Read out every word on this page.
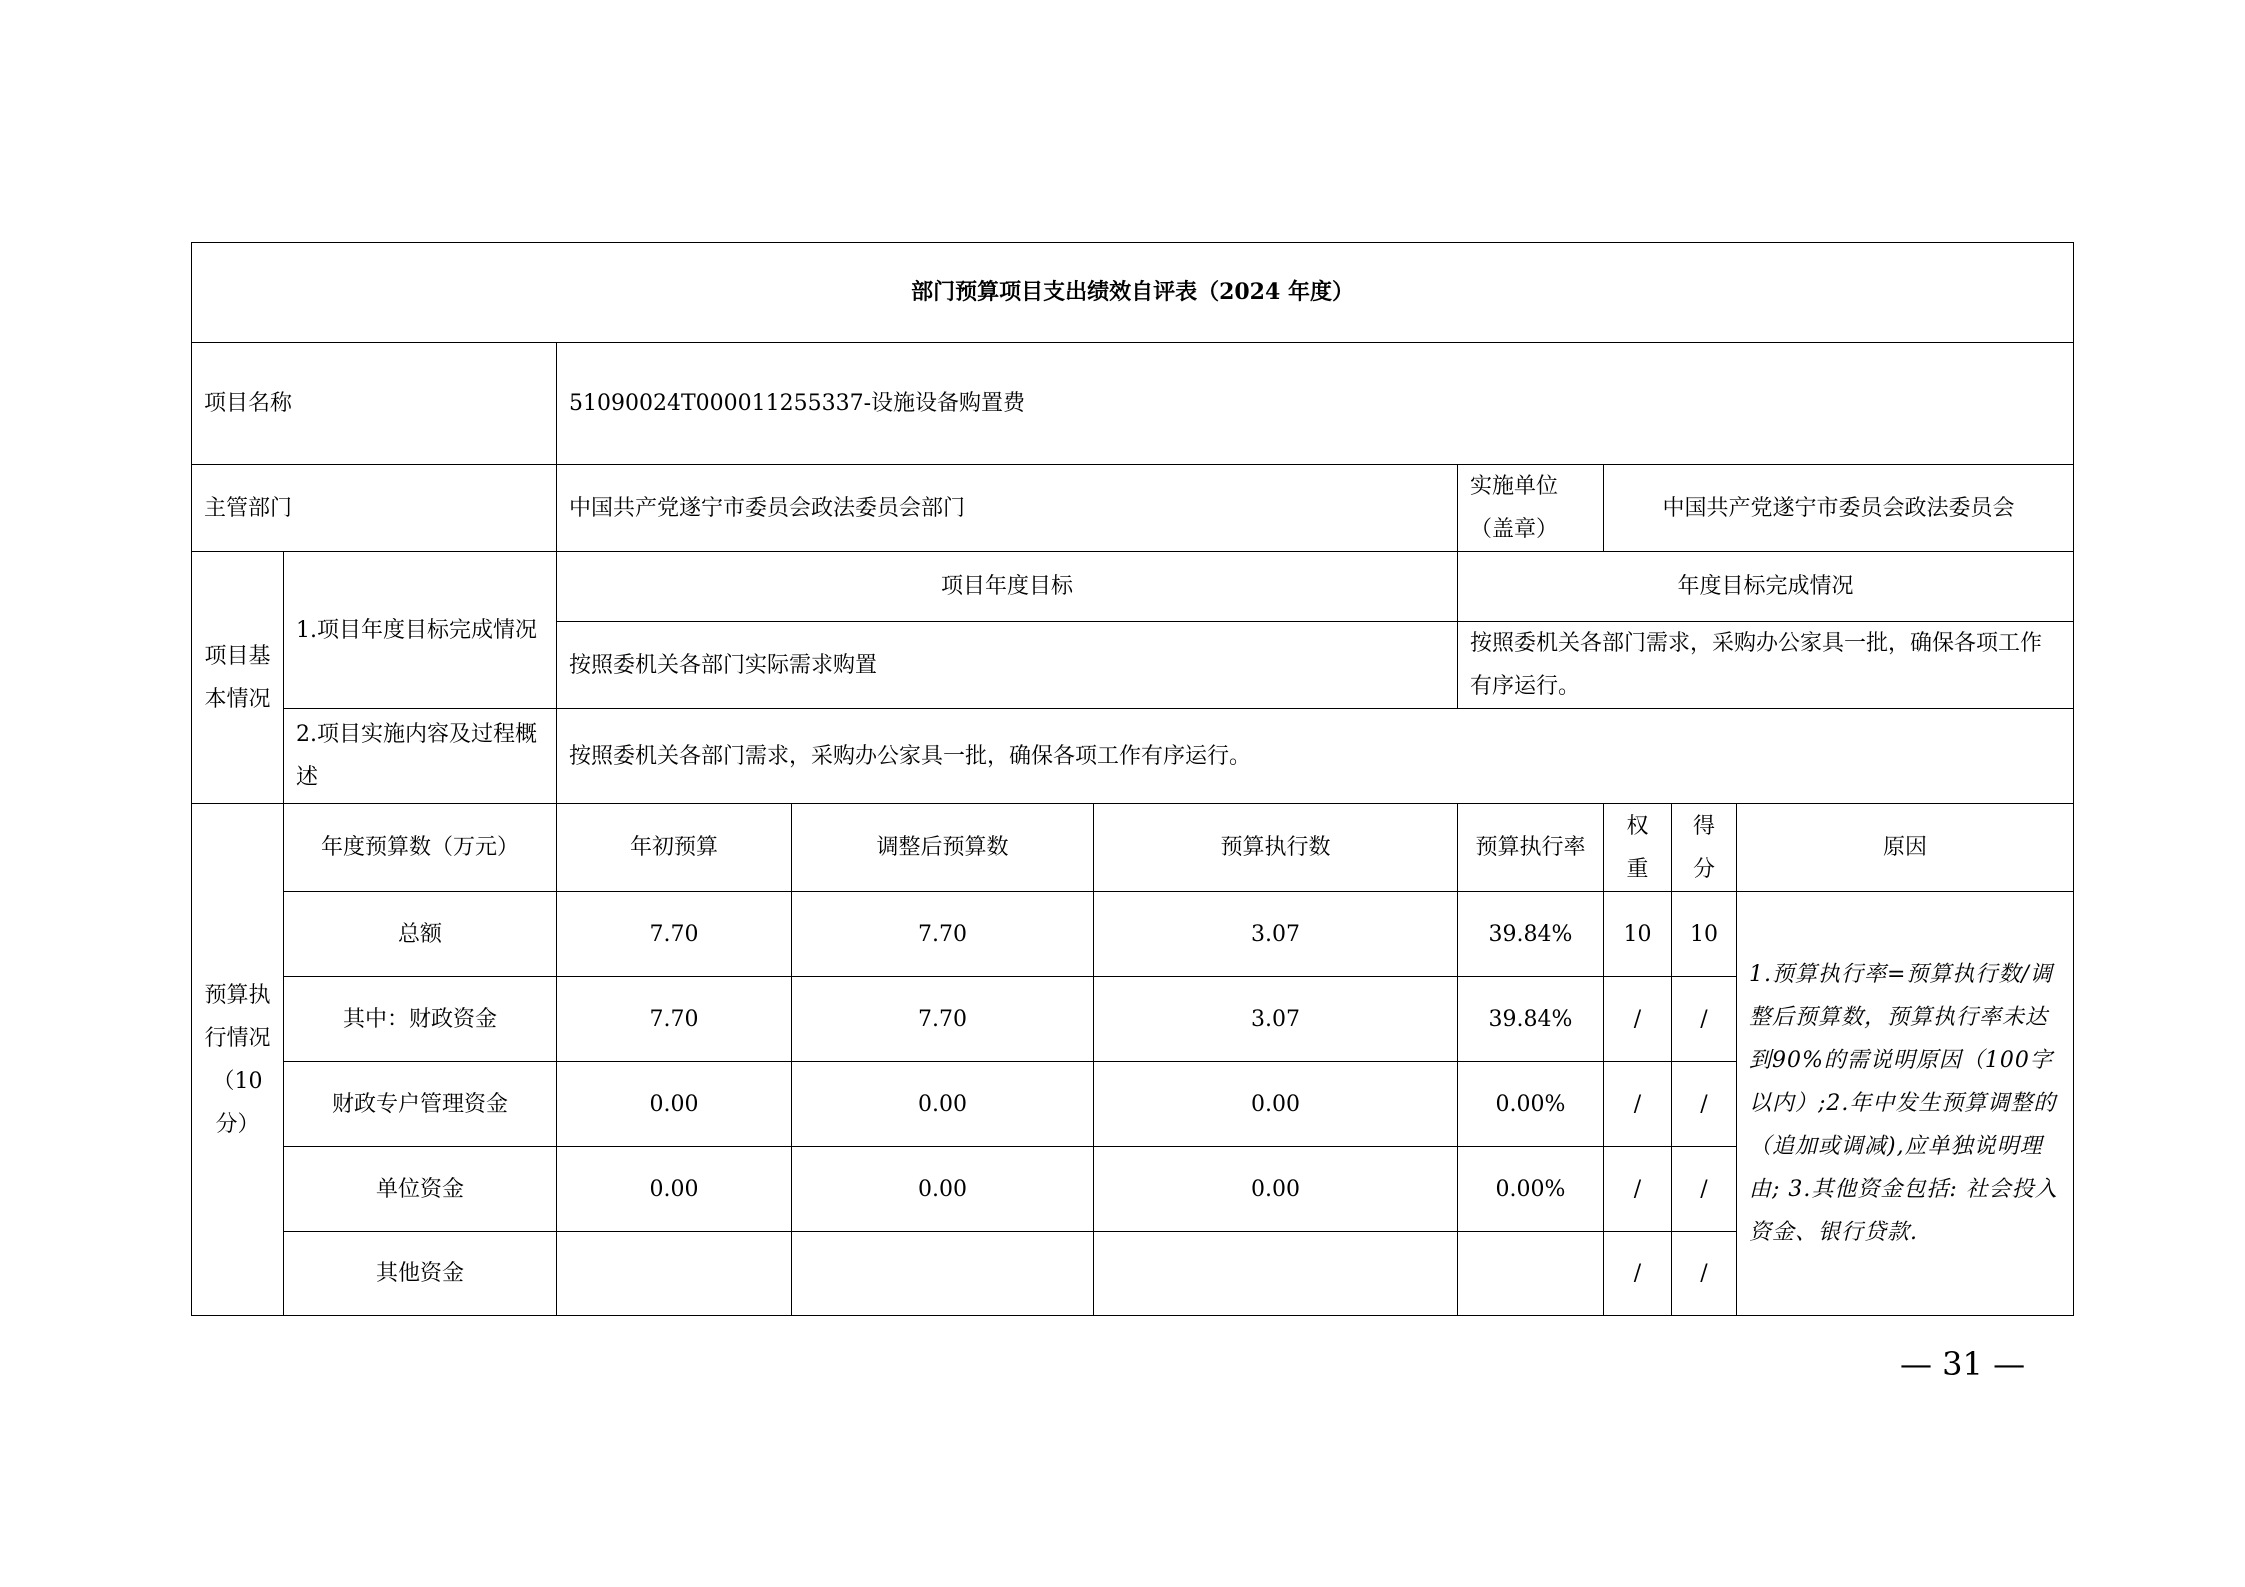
部门预算项目支出绩效自评表（2024 年度）								
项目名称		51090024T000011255337-设施设备购置费						
主管部门		中国共产党遂宁市委员会政法委员会部门			实施单位（盖章）	中国共产党遂宁市委员会政法委员会		
项目基本情况	1.项目年度目标完成情况	项目年度目标			年度目标完成情况			
		按照委机关各部门实际需求购置			按照委机关各部门需求，采购办公家具一批，确保各项工作有序运行。			
	2.项目实施内容及过程概述	按照委机关各部门需求，采购办公家具一批，确保各项工作有序运行。						
预算执行情况（10分）	年度预算数（万元）	年初预算	调整后预算数	预算执行数	预算执行率	权重	得分	原因
	总额	7.70	7.70	3.07	39.84%	10	10	1.预算执行率=预算执行数/调整后预算数，预算执行率未达到90%的需说明原因（100字以内）;2.年中发生预算调整的（追加或调减),应单独说明理由; 3.其他资金包括: 社会投入资金、银行贷款.
	其中：财政资金	7.70	7.70	3.07	39.84%	/	/	
	财政专户管理资金	0.00	0.00	0.00	0.00%	/	/	
	单位资金	0.00	0.00	0.00	0.00%	/	/	
	其他资金					/	/	
— 31 —
